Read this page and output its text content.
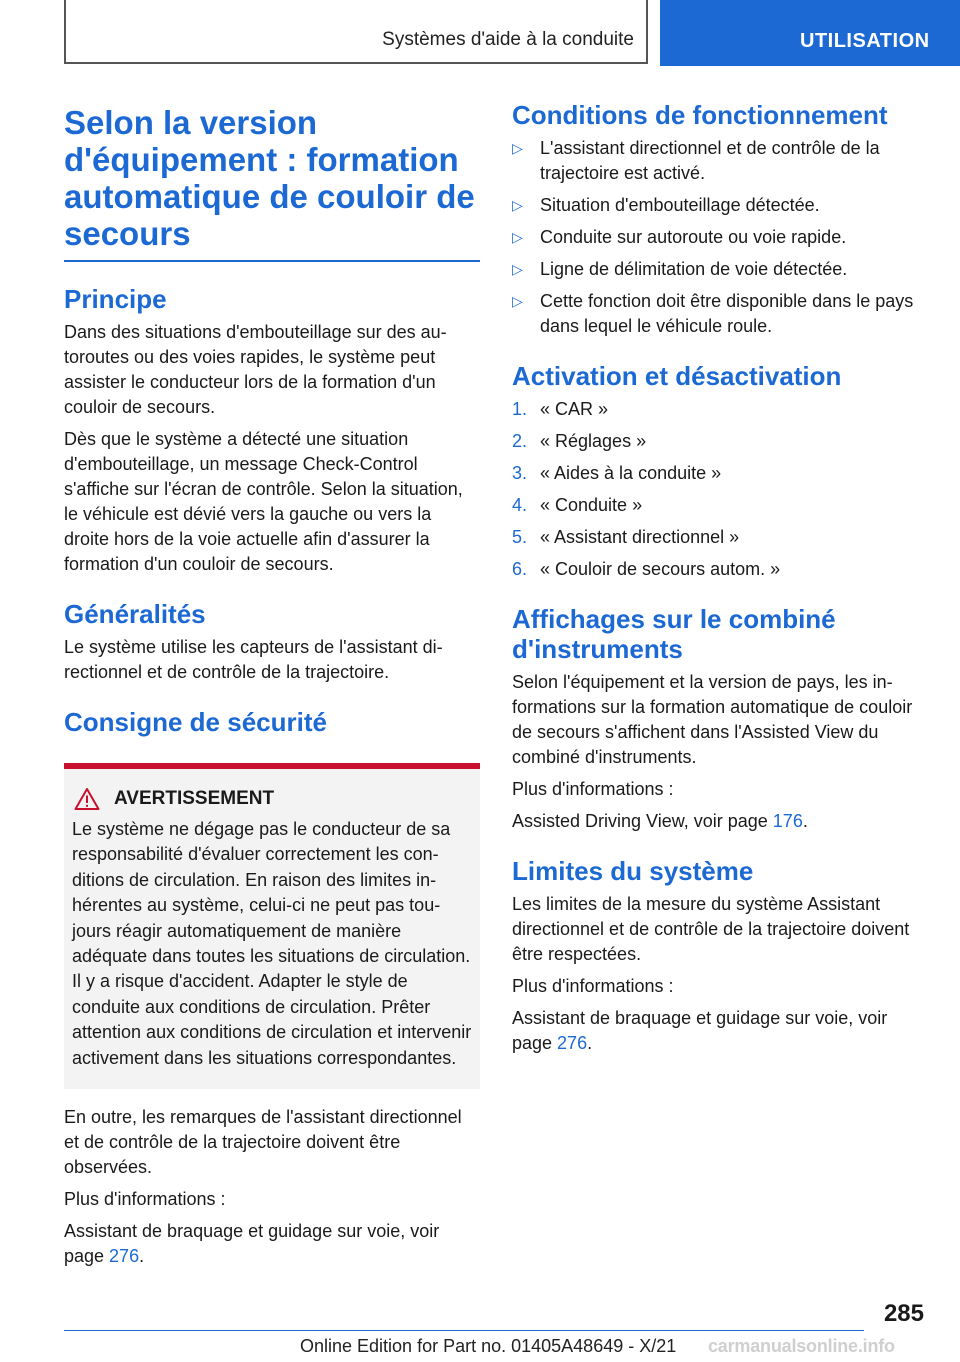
Systèmes d'aide à la conduite	UTILISATION
Selon la version d'équipement : formation automatique de couloir de secours
Principe

Dans des situations d'embouteillage sur des autoroutes ou des voies rapides, le système peut assister le conducteur lors de la formation d'un couloir de secours.

Dès que le système a détecté une situation d'embouteillage, un message Check-Control s'affiche sur l'écran de contrôle. Selon la situation, le véhicule est dévié vers la gauche ou vers la droite hors de la voie actuelle afin d'assurer la formation d'un couloir de secours.

Généralités

Le système utilise les capteurs de l'assistant directionnel et de contrôle de la trajectoire.

Consigne de sécurité
AVERTISSEMENT

Le système ne dégage pas le conducteur de sa responsabilité d'évaluer correctement les conditions de circulation. En raison des limites inhérentes au système, celui-ci ne peut pas toujours réagir automatiquement de manière adéquate dans toutes les situations de circulation. Il y a risque d'accident. Adapter le style de conduite aux conditions de circulation. Prêter attention aux conditions de circulation et intervenir activement dans les situations correspondantes.

En outre, les remarques de l'assistant directionnel et de contrôle de la trajectoire doivent être observées.

Plus d'informations :

Assistant de braquage et guidage sur voie, voir page 276.

Conditions de fonctionnement
▷ L'assistant directionnel et de contrôle de la trajectoire est activé.
▷ Situation d'embouteillage détectée.
▷ Conduite sur autoroute ou voie rapide.
▷ Ligne de délimitation de voie détectée.
▷ Cette fonction doit être disponible dans le pays dans lequel le véhicule roule.
Activation et désactivation
1. « CAR »
2. « Réglages »
3. « Aides à la conduite »
4. « Conduite »
5. « Assistant directionnel »
6. « Couloir de secours autom. »
Affichages sur le combiné d'instruments

Selon l'équipement et la version de pays, les informations sur la formation automatique de couloir de secours s'affichent dans l'Assisted View du combiné d'instruments.

Plus d'informations :

Assisted Driving View, voir page 176.

Limites du système

Les limites de la mesure du système Assistant directionnel et de contrôle de la trajectoire doivent être respectées.

Plus d'informations :

Assistant de braquage et guidage sur voie, voir page 276.

285
Online Edition for Part no. 01405A48649 - X/21 carmanualsonline.info
